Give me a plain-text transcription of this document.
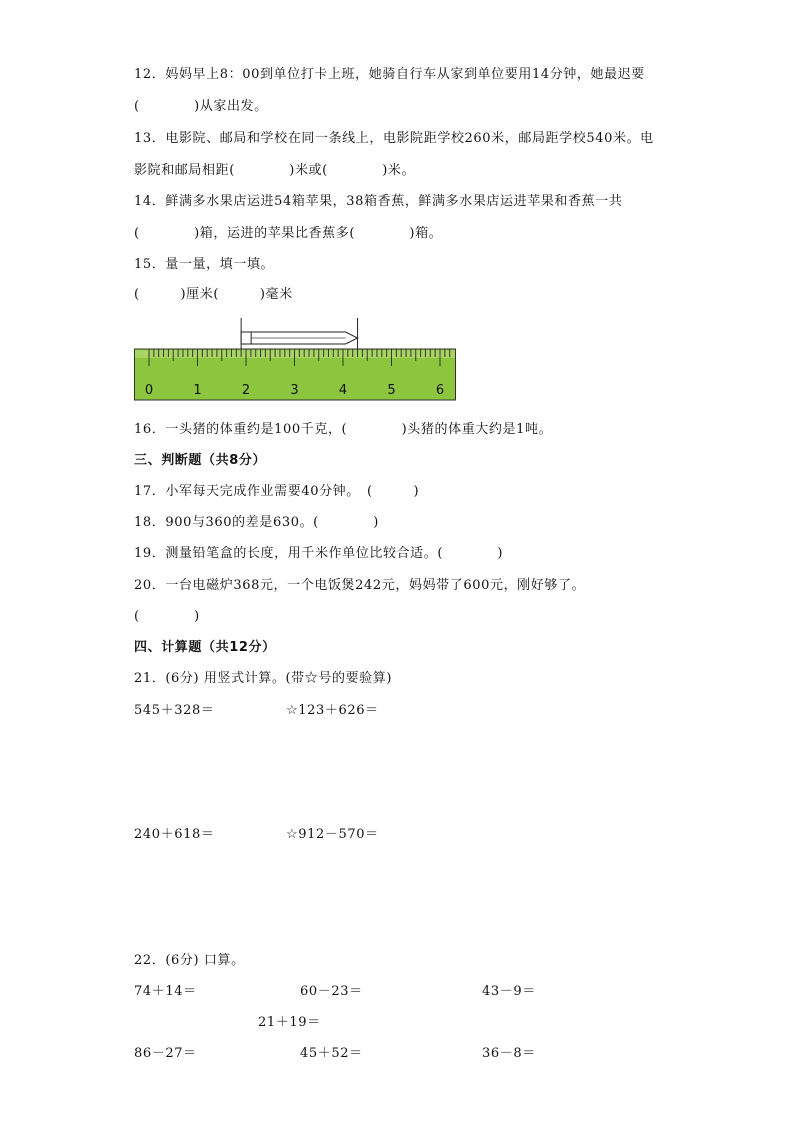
12．妈妈早上8：00到单位打卡上班，她骑自行车从家到单位要用14分钟，她最迟要
(　　　　)从家出发。
13．电影院、邮局和学校在同一条线上，电影院距学校260米，邮局距学校540米。电
影院和邮局相距(　　　　)米或(　　　　)米。
14．鲜满多水果店运进54箱苹果，38箱香蕉，鲜满多水果店运进苹果和香蕉一共
(　　　　)箱，运进的苹果比香蕉多(　　　　)箱。
15．量一量，填一填。
(　　　)厘米(　　　)毫米
0	1	2	3	4	5	6
16．一头猪的体重约是100千克，(　　　　)头猪的体重大约是1吨。
三、判断题（共8分）
17．小军每天完成作业需要40分钟。　(　　　)
18．900与360的差是630。(　　　　)
19．测量铅笔盒的长度，用千米作单位比较合适。(　　　　)
20．一台电磁炉368元，一个电饭煲242元，妈妈带了600元，刚好够了。
(　　　　)
四、计算题（共12分）
21．(6分) 用竖式计算。(带☆号的要验算)
545＋328＝	☆123＋626＝
240＋618＝	☆912－570＝
22．(6分) 口算。
74＋14＝	60－23＝	43－9＝
21＋19＝
86－27＝	45＋52＝	36－8＝
